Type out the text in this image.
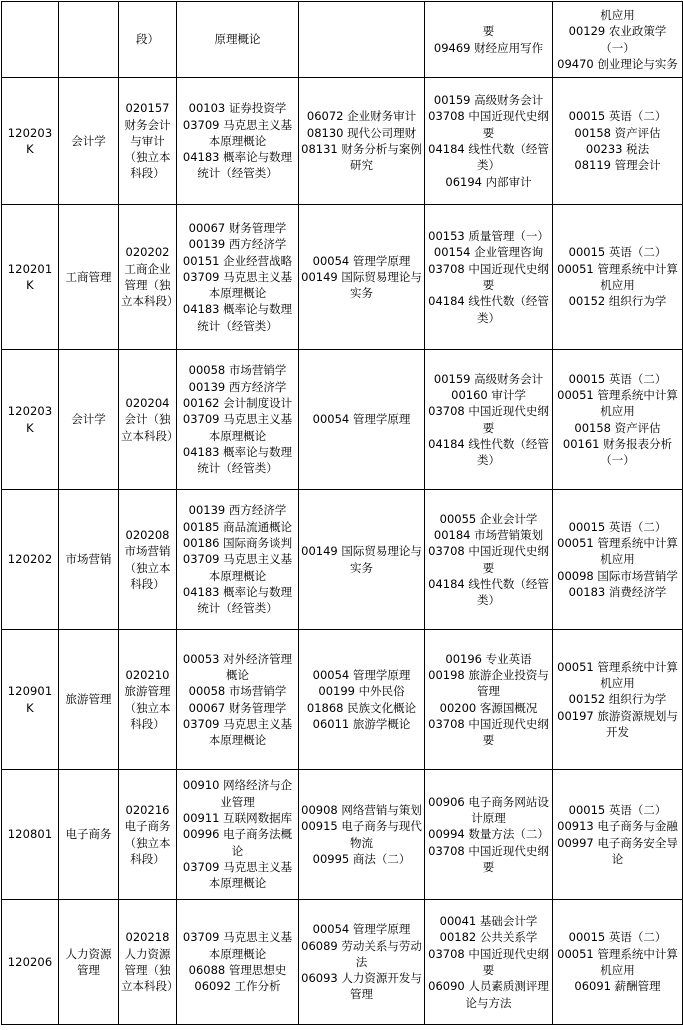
		段）	原理概论		要
09469 财经应用写作	机应用
00129 农业政策学（一）
09470 创业理论与实务

120203K	会计学	020157 财务会计与审计（独立本科段）	00103 证券投资学
03709 马克思主义基本原理概论
04183 概率论与数理统计（经管类）	06072 企业财务审计
08130 现代公司理财
08131 财务分析与案例研究	00159 高级财务会计
03708 中国近现代史纲要
04184 线性代数（经管类）
06194 内部审计	00015 英语（二）
00158 资产评估
00233 税法
08119 管理会计

120201K	工商管理	020202 工商企业管理（独立本科段）	00067 财务管理学
00139 西方经济学
00151 企业经营战略
03709 马克思主义基本原理概论
04183 概率论与数理统计（经管类）	00054 管理学原理
00149 国际贸易理论与实务	00153 质量管理（一）
00154 企业管理咨询
03708 中国近现代史纲要
04184 线性代数（经管类）	00015 英语（二）
00051 管理系统中计算机应用
00152 组织行为学

120203K	会计学	020204 会计（独立本科段）	00058 市场营销学
00139 西方经济学
00162 会计制度设计
03709 马克思主义基本原理概论
04183 概率论与数理统计（经管类）	00054 管理学原理	00159 高级财务会计
00160 审计学
03708 中国近现代史纲要
04184 线性代数（经管类）	00015 英语（二）
00051 管理系统中计算机应用
00158 资产评估
00161 财务报表分析（一）

120202	市场营销	020208 市场营销（独立本科段）	00139 西方经济学
00185 商品流通概论
00186 国际商务谈判
03709 马克思主义基本原理概论
04183 概率论与数理统计（经管类）	00149 国际贸易理论与实务	00055 企业会计学
00184 市场营销策划
03708 中国近现代史纲要
04184 线性代数（经管类）	00015 英语（二）
00051 管理系统中计算机应用
00098 国际市场营销学
00183 消费经济学

120901K	旅游管理	020210 旅游管理（独立本科段）	00053 对外经济管理概论
00058 市场营销学
00067 财务管理学
03709 马克思主义基本原理概论	00054 管理学原理
00199 中外民俗
01868 民族文化概论
06011 旅游学概论	00196 专业英语
00198 旅游企业投资与管理
00200 客源国概况
03708 中国近现代史纲要	00051 管理系统中计算机应用
00152 组织行为学
00197 旅游资源规划与开发

120801	电子商务	020216 电子商务（独立本科段）	00910 网络经济与企业管理
00911 互联网数据库
00996 电子商务法概论
03709 马克思主义基本原理概论	00908 网络营销与策划
00915 电子商务与现代物流
00995 商法（二）	00906 电子商务网站设计原理
00994 数量方法（二）
03708 中国近现代史纲要	00015 英语（二）
00913 电子商务与金融
00997 电子商务安全导论

120206	人力资源管理	020218 人力资源管理（独立本科段）	03709 马克思主义基本原理概论
06088 管理思想史
06092 工作分析	00054 管理学原理
06089 劳动关系与劳动法
06093 人力资源开发与管理	00041 基础会计学
00182 公共关系学
03708 中国近现代史纲要
06090 人员素质测评理论与方法	00015 英语（二）
00051 管理系统中计算机应用
06091 薪酬管理
